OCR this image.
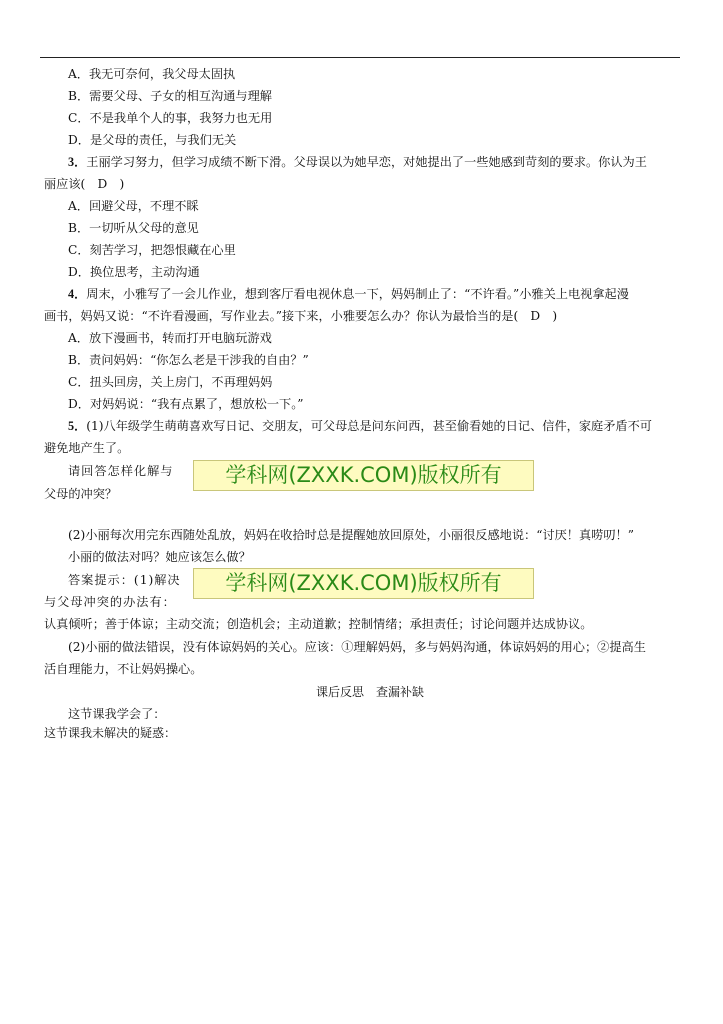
A．我无可奈何，我父母太固执
B．需要父母、子女的相互沟通与理解
C．不是我单个人的事，我努力也无用
D．是父母的责任，与我们无关
3．王丽学习努力，但学习成绩不断下滑。父母误以为她早恋，对她提出了一些她感到苛刻的要求。你认为王
丽应该(　D　)
A．回避父母，不理不睬
B．一切听从父母的意见
C．刻苦学习，把怨恨藏在心里
D．换位思考，主动沟通
4．周末，小雅写了一会儿作业，想到客厅看电视休息一下，妈妈制止了：“不许看。”小雅关上电视拿起漫
画书，妈妈又说：“不许看漫画，写作业去。”接下来，小雅要怎么办？你认为最恰当的是(　D　)
A．放下漫画书，转而打开电脑玩游戏
B．责问妈妈：“你怎么老是干涉我的自由？”
C．扭头回房，关上房门，不再理妈妈
D．对妈妈说：“我有点累了，想放松一下。”
5．(1)八年级学生萌萌喜欢写日记、交朋友，可父母总是问东问西，甚至偷看她的日记、信件，家庭矛盾不可
避免地产生了。
请回答怎样化解与
父母的冲突？
学科网(ZXXK.COM)版权所有
(2)小丽每次用完东西随处乱放，妈妈在收拾时总是提醒她放回原处，小丽很反感地说：“讨厌！真唠叨！”
小丽的做法对吗？她应该怎么做？
答案提示：(1)解决
与父母冲突的办法有：
学科网(ZXXK.COM)版权所有
认真倾听；善于体谅；主动交流；创造机会；主动道歉；控制情绪；承担责任；讨论问题并达成协议。
(2)小丽的做法错误，没有体谅妈妈的关心。应该：①理解妈妈，多与妈妈沟通，体谅妈妈的用心；②提高生
活自理能力，不让妈妈操心。
课后反思　查漏补缺
这节课我学会了：
这节课我未解决的疑惑：
